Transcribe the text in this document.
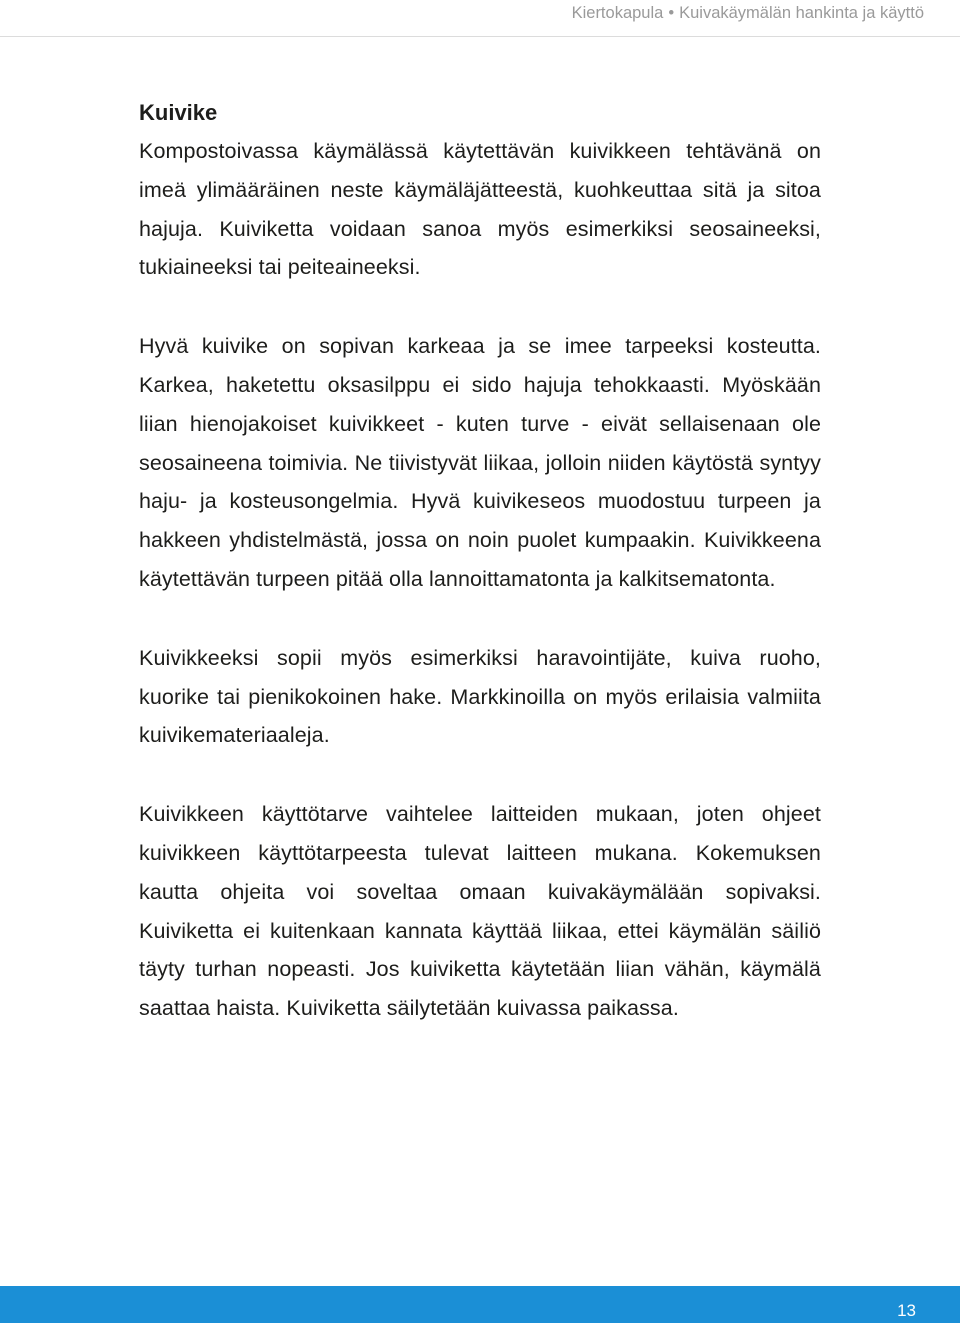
Kiertokapula • Kuivakäymälän hankinta ja käyttö
Kuivike

Kompostoivassa käymälässä käytettävän kuivikkeen tehtävänä on imeä ylimääräinen neste käymäläjätteestä, kuohkeuttaa sitä ja sitoa hajuja. Kuiviketta voidaan sanoa myös esimerkiksi seosaineeksi, tukiaineeksi tai peiteaineeksi.

Hyvä kuivike on sopivan karkeaa ja se imee tarpeeksi kosteutta. Karkea, haketettu oksasilppu ei sido hajuja tehokkaasti. Myöskään liian hienojakoiset kuivikkeet - kuten turve - eivät sellaisenaan ole seosaineena toimivia. Ne tiivistyvät liikaa, jolloin niiden käytöstä syntyy haju- ja kosteusongelmia. Hyvä kuivikeseos muodostuu turpeen ja hakkeen yhdistelmästä, jossa on noin puolet kumpaakin. Kuivikkeena käytettävän turpeen pitää olla lannoittamatonta ja kalkitsematonta.

Kuivikkeeksi sopii myös esimerkiksi haravointijäte, kuiva ruoho, kuorike tai pienikokoinen hake. Markkinoilla on myös erilaisia valmiita kuivikemateriaaleja.

Kuivikkeen käyttötarve vaihtelee laitteiden mukaan, joten ohjeet kuivikkeen käyttötarpeesta tulevat laitteen mukana. Kokemuksen kautta ohjeita voi soveltaa omaan kuivakäymälään sopivaksi. Kuiviketta ei kuitenkaan kannata käyttää liikaa, ettei käymälän säiliö täyty turhan nopeasti. Jos kuiviketta käytetään liian vähän, käymälä saattaa haista. Kuiviketta säilytetään kuivassa paikassa.

13
